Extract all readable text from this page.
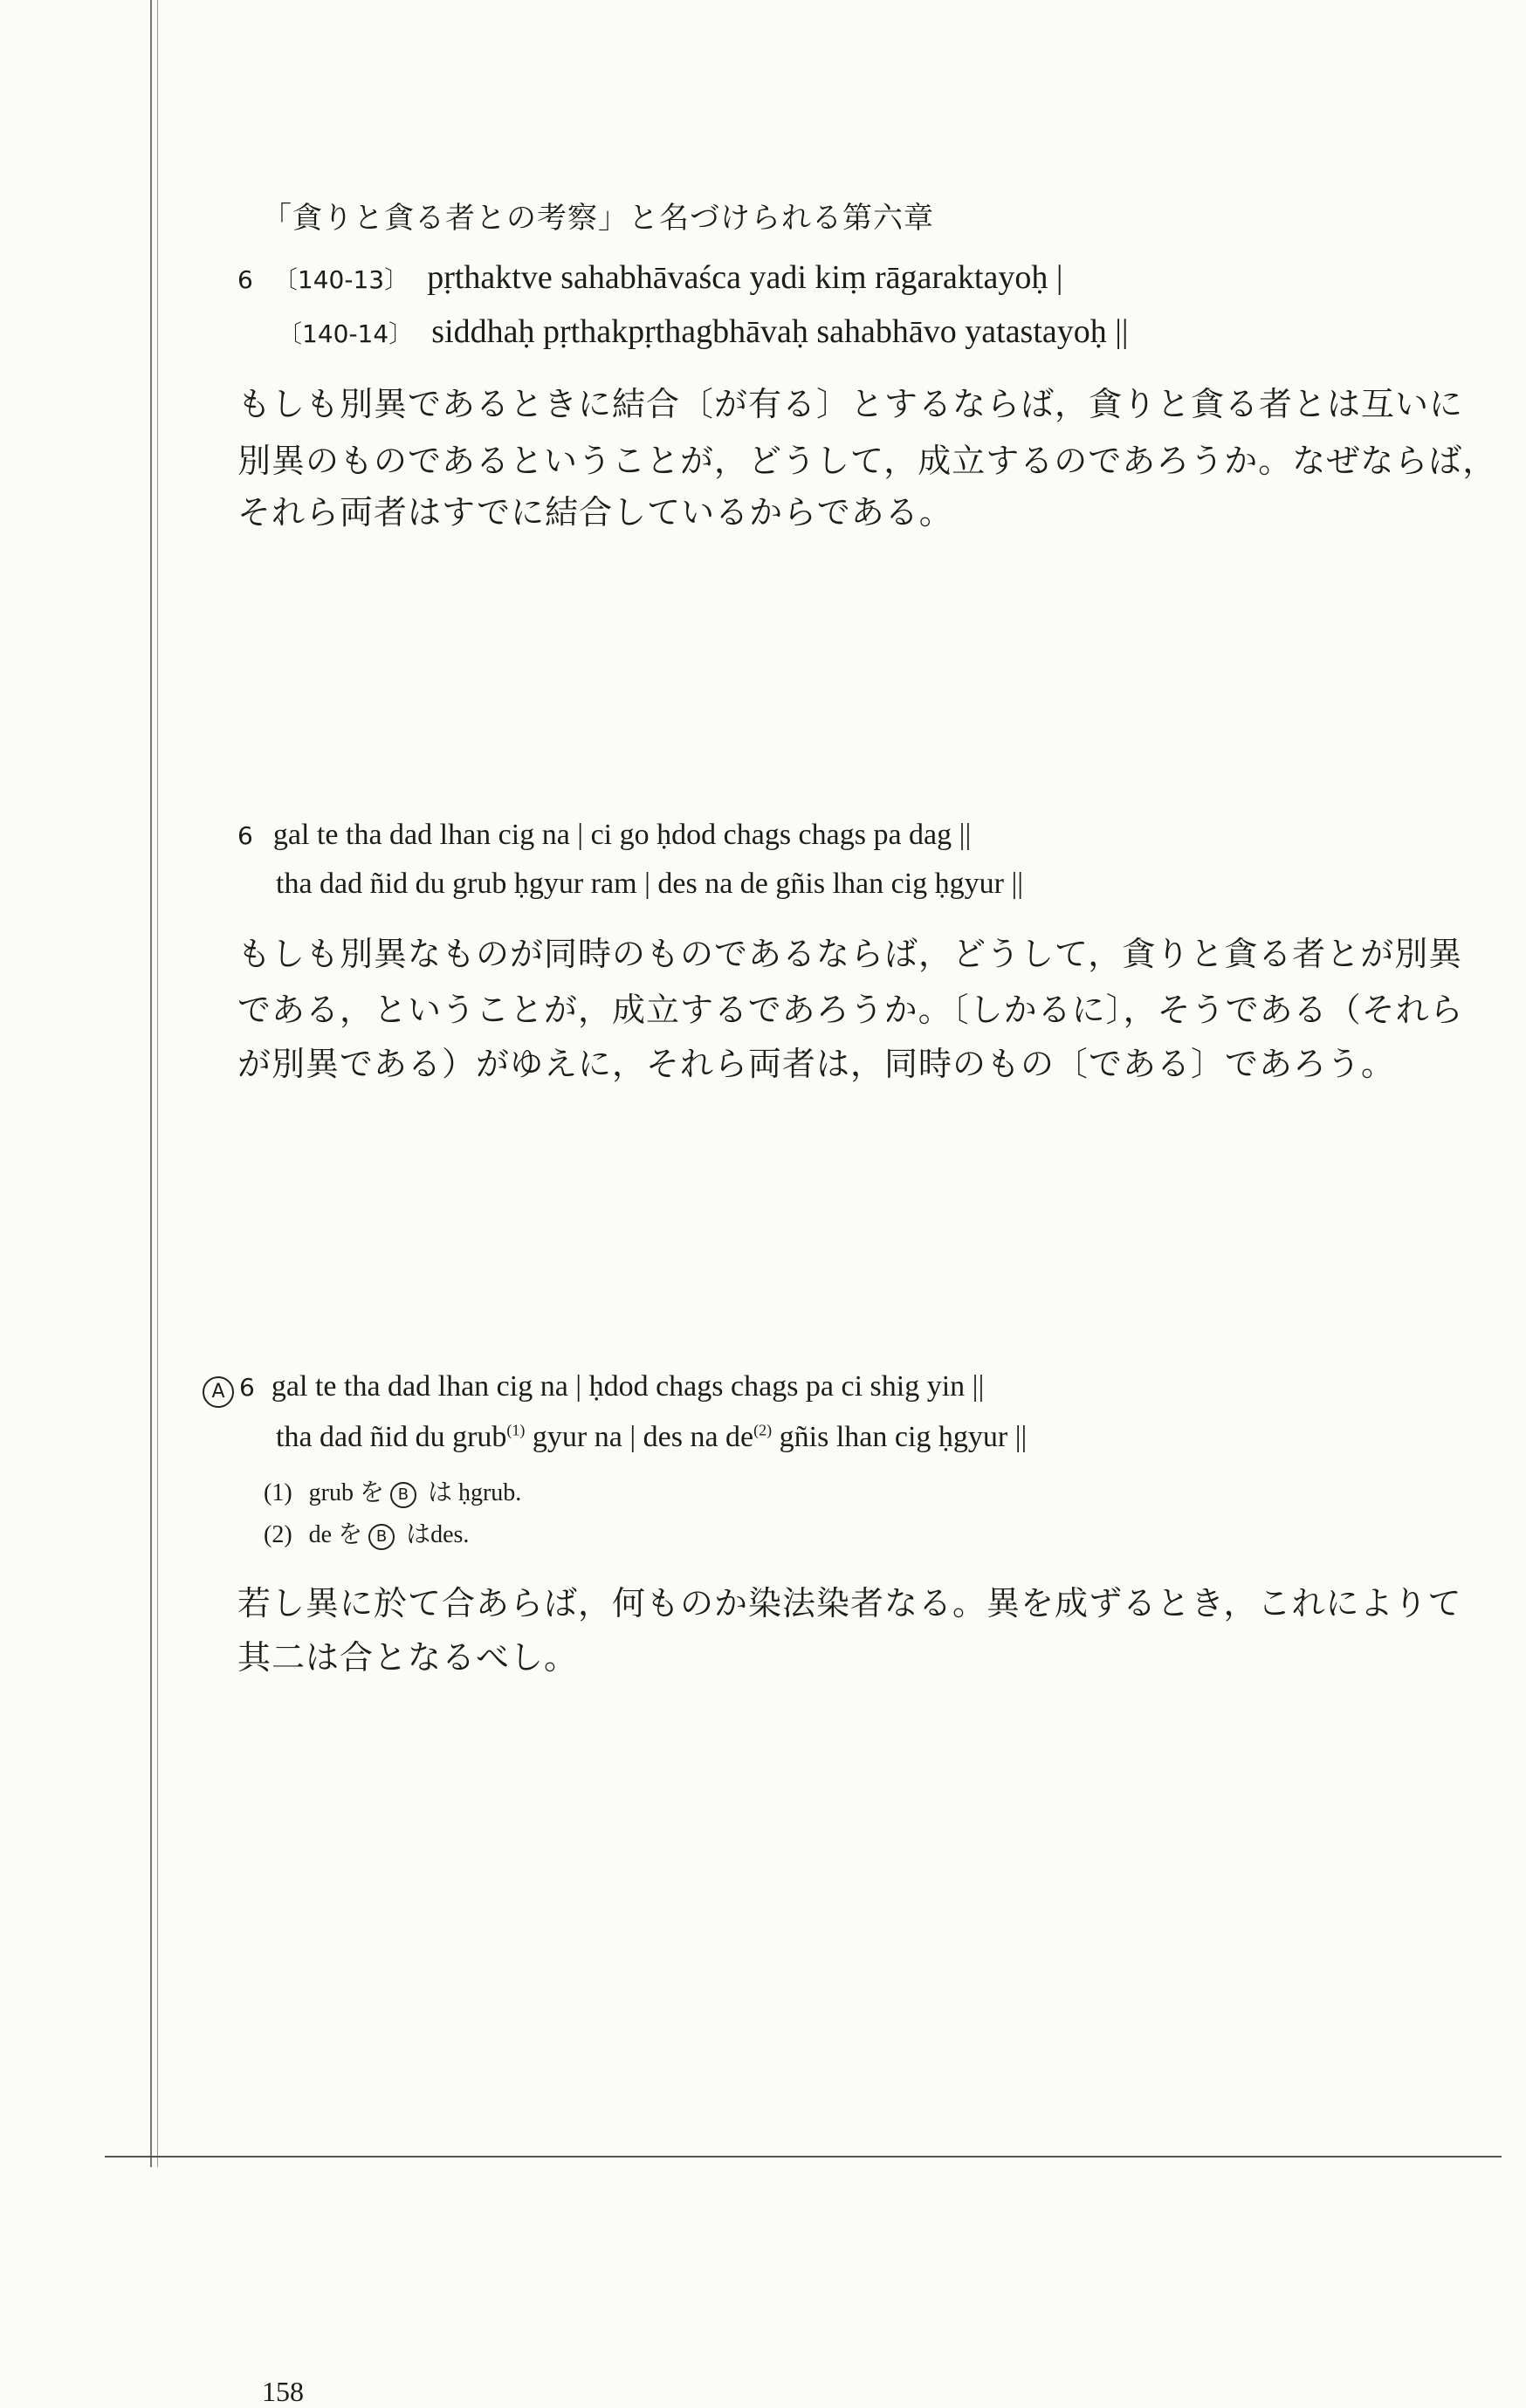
「貪りと貪る者との考察」と名づけられる第六章
6 〔140-13〕 pṛthaktve sahabhāvaśca yadi kiṃ rāgaraktayoḥ |
〔140-14〕 siddhaḥ pṛthakpṛthagbhāvaḥ sahabhāvo yatastayoḥ ||
もしも別異であるときに結合〔が有る〕とするならば，貪りと貪る者とは互いに
別異のものであるということが，どうして，成立するのであろうか。なぜならば，
それら両者はすでに結合しているからである。
6 gal te tha dad lhan cig na | ci go ḥdod chags chags pa dag ||
tha dad ñid du grub ḥgyur ram | des na de gñis lhan cig ḥgyur ||
もしも別異なものが同時のものであるならば，どうして，貪りと貪る者とが別異
である，ということが，成立するであろうか。〔しかるに〕，そうである（それら
が別異である）がゆえに，それら両者は，同時のもの〔である〕であろう。
A 6 gal te tha dad lhan cig na | ḥdod chags chags pa ci shig yin ||
tha dad ñid du grub$^{(1)}$ gyur na | des na $de^{(2)}$ gñis lhan cig ḥgyur ||
(1) grub を B は ḥgrub.
(2) de を B はdes.
若し異に於て合あらば，何ものか染法染者なる。異を成ずるとき，これによりて
其二は合となるべし。
158
